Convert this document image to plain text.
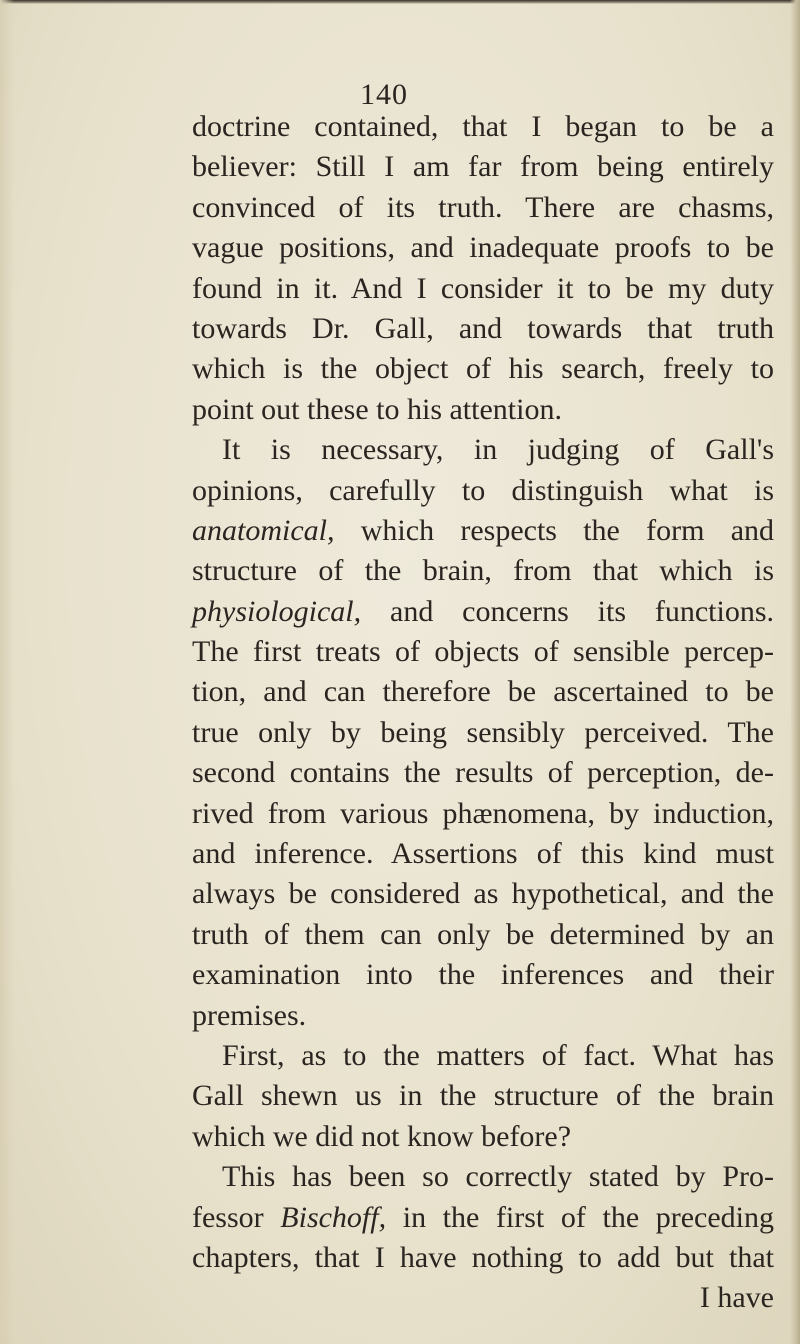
140
doctrine contained, that I began to be a
believer: Still I am far from being entirely
convinced of its truth. There are chasms,
vague positions, and inadequate proofs to be
found in it. And I consider it to be my duty
towards Dr. Gall, and towards that truth
which is the object of his search, freely to
point out these to his attention.
It is necessary, in judging of Gall's
opinions, carefully to distinguish what is
anatomical, which respects the form and
structure of the brain, from that which is
physiological, and concerns its functions.
The first treats of objects of sensible percep-
tion, and can therefore be ascertained to be
true only by being sensibly perceived. The
second contains the results of perception, de-
rived from various phænomena, by induction,
and inference. Assertions of this kind must
always be considered as hypothetical, and the
truth of them can only be determined by an
examination into the inferences and their
premises.
First, as to the matters of fact. What has
Gall shewn us in the structure of the brain
which we did not know before?
This has been so correctly stated by Pro-
fessor Bischoff, in the first of the preceding
chapters, that I have nothing to add but that
I have
